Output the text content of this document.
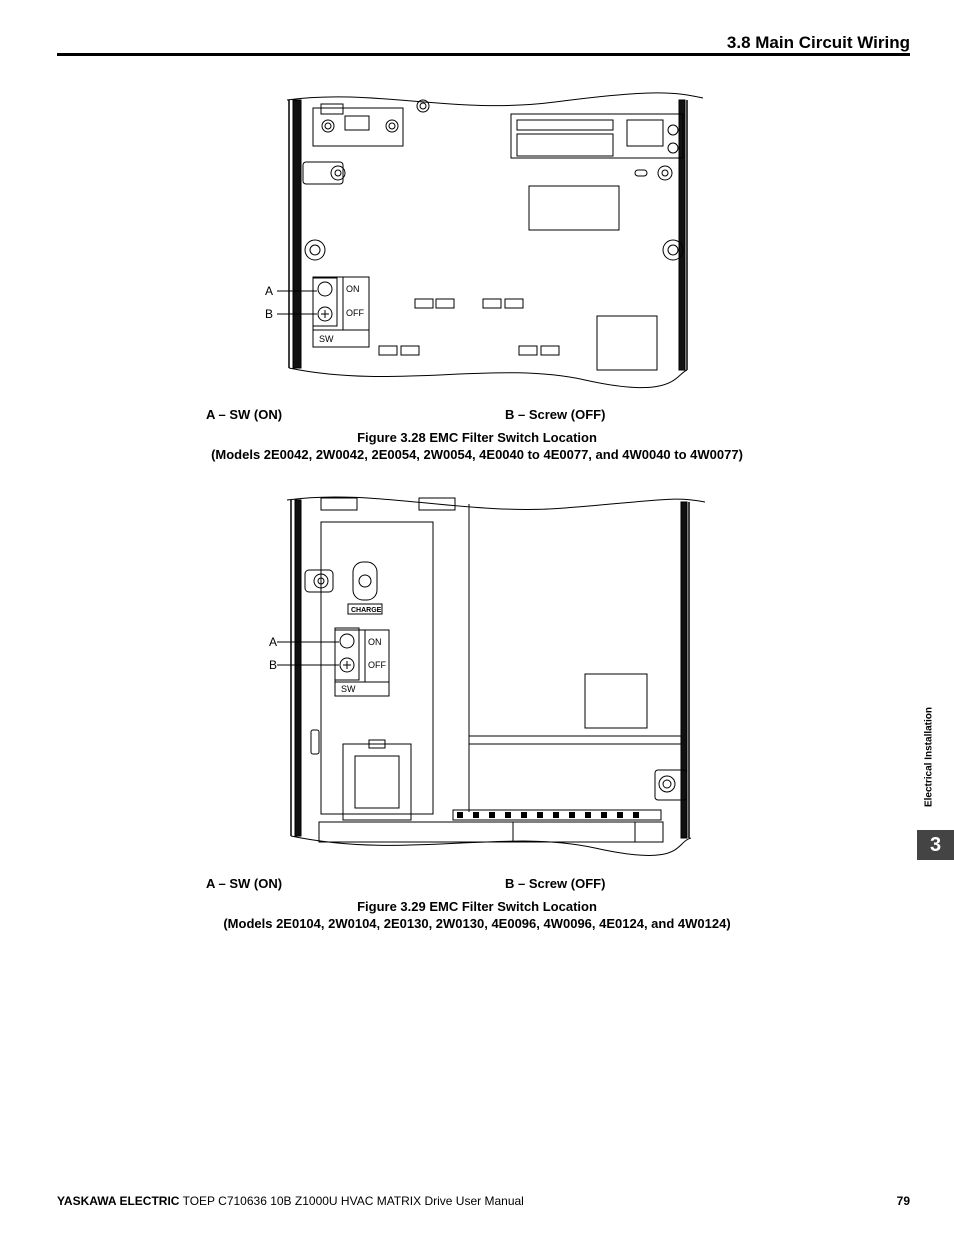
3.8 Main Circuit Wiring
A
B
ON
OFF
SW
A – SW (ON)	B – Screw (OFF)
Figure 3.28 EMC Filter Switch Location
(Models 2E0042, 2W0042, 2E0054, 2W0054, 4E0040 to 4E0077, and 4W0040 to 4W0077)
CHARGE
A
B
ON
OFF
SW
A – SW (ON)	B – Screw (OFF)
Figure 3.29 EMC Filter Switch Location
(Models 2E0104, 2W0104, 2E0130, 2W0130, 4E0096, 4W0096, 4E0124, and 4W0124)
Electrical Installation
3
YASKAWA ELECTRIC TOEP C710636 10B Z1000U HVAC MATRIX Drive User Manual	79
